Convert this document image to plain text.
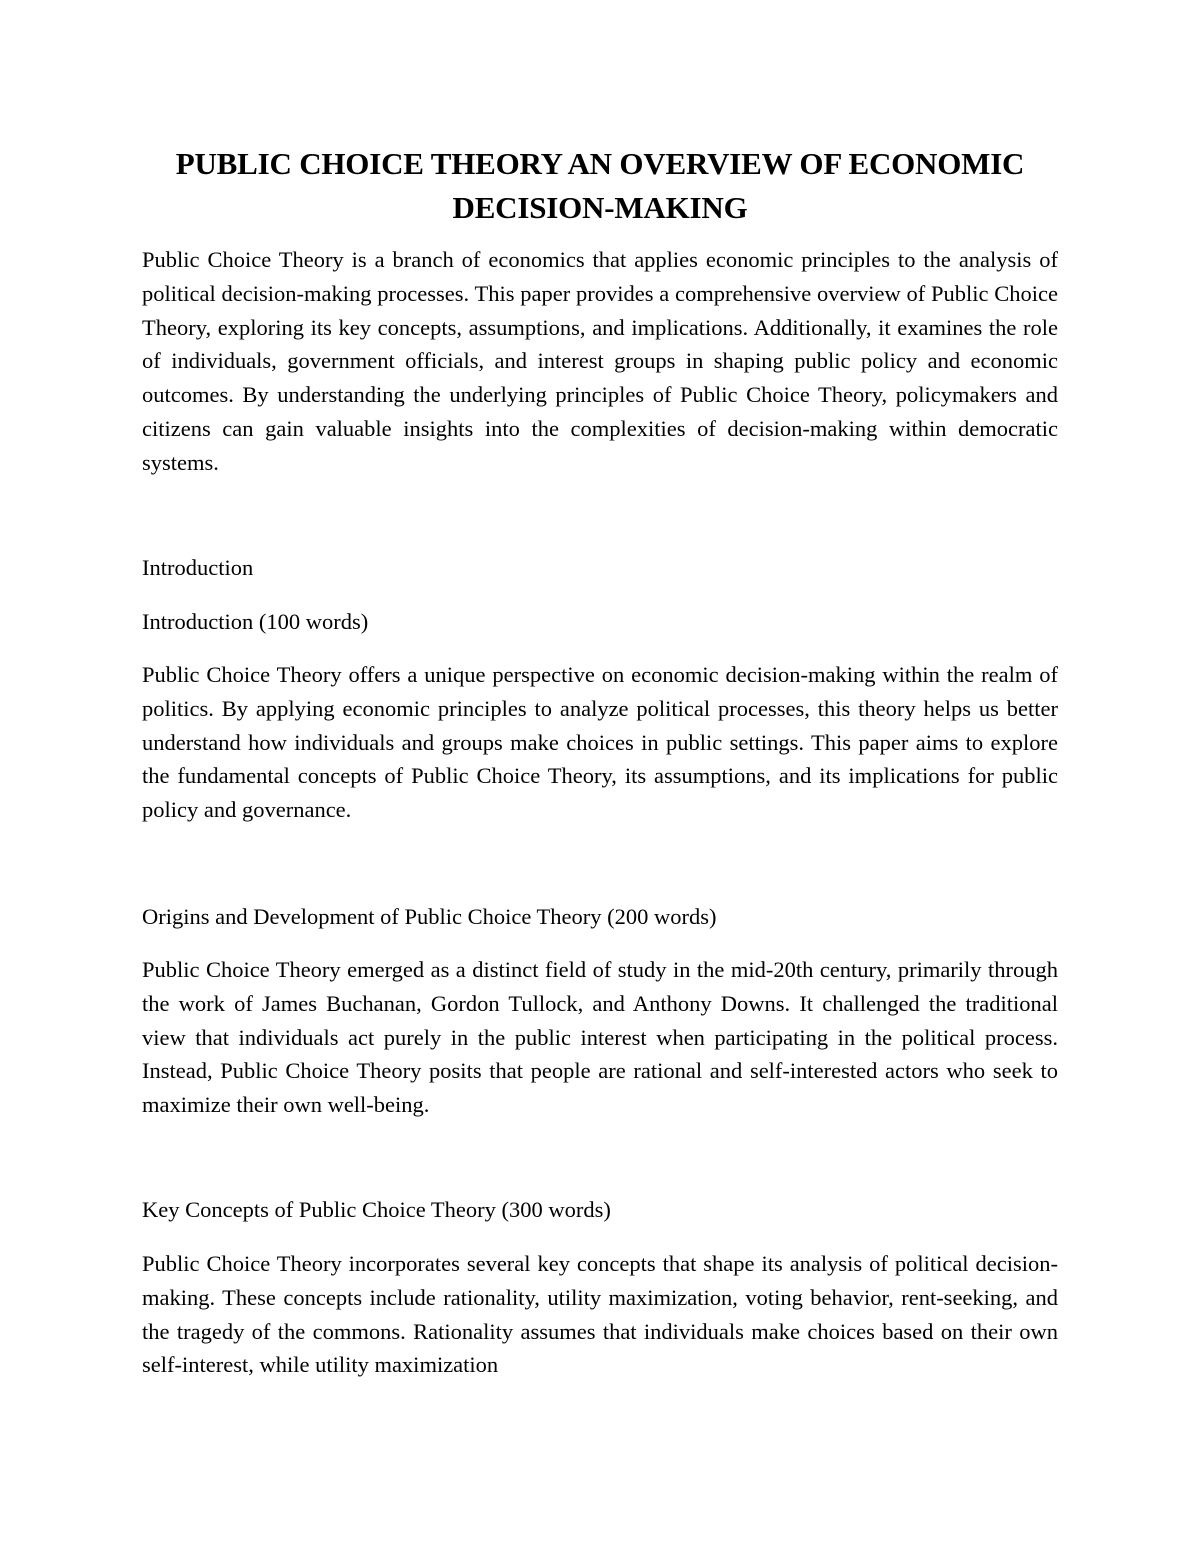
PUBLIC CHOICE THEORY AN OVERVIEW OF ECONOMIC DECISION-MAKING

Public Choice Theory is a branch of economics that applies economic principles to the analysis of political decision-making processes. This paper provides a comprehensive overview of Public Choice Theory, exploring its key concepts, assumptions, and implications. Additionally, it examines the role of individuals, government officials, and interest groups in shaping public policy and economic outcomes. By understanding the underlying principles of Public Choice Theory, policymakers and citizens can gain valuable insights into the complexities of decision-making within democratic systems.

Introduction

Introduction (100 words)

Public Choice Theory offers a unique perspective on economic decision-making within the realm of politics. By applying economic principles to analyze political processes, this theory helps us better understand how individuals and groups make choices in public settings. This paper aims to explore the fundamental concepts of Public Choice Theory, its assumptions, and its implications for public policy and governance.

Origins and Development of Public Choice Theory (200 words)

Public Choice Theory emerged as a distinct field of study in the mid-20th century, primarily through the work of James Buchanan, Gordon Tullock, and Anthony Downs. It challenged the traditional view that individuals act purely in the public interest when participating in the political process. Instead, Public Choice Theory posits that people are rational and self-interested actors who seek to maximize their own well-being.

Key Concepts of Public Choice Theory (300 words)

Public Choice Theory incorporates several key concepts that shape its analysis of political decision-making. These concepts include rationality, utility maximization, voting behavior, rent-seeking, and the tragedy of the commons. Rationality assumes that individuals make choices based on their own self-interest, while utility maximization
